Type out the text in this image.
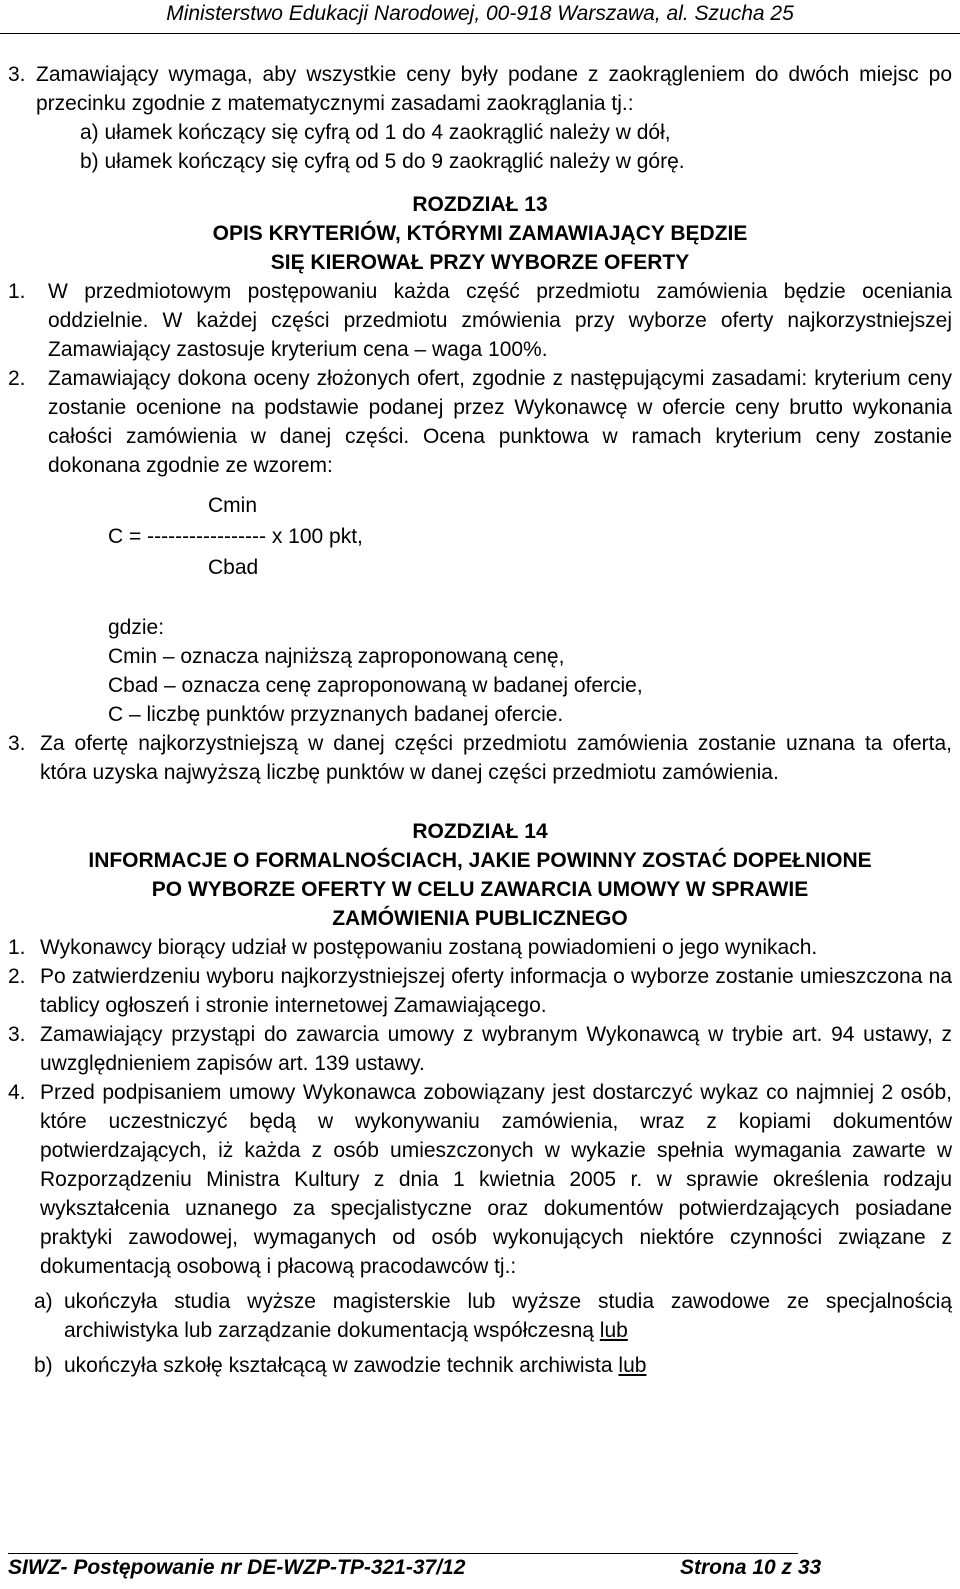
Ministerstwo Edukacji Narodowej, 00-918 Warszawa, al. Szucha 25
3. Zamawiający wymaga, aby wszystkie ceny były podane z zaokrągleniem do dwóch miejsc po przecinku zgodnie z matematycznymi zasadami zaokrąglania tj.:
a) ułamek kończący się cyfrą od 1 do 4 zaokrąglić należy w dół,
b) ułamek kończący się cyfrą od 5 do 9 zaokrąglić należy w górę.
ROZDZIAŁ 13
OPIS KRYTERIÓW, KTÓRYMI ZAMAWIAJĄCY BĘDZIE
SIĘ KIEROWAŁ PRZY WYBORZE OFERTY
1.	W przedmiotowym postępowaniu każda część przedmiotu zamówienia będzie oceniania oddzielnie. W każdej części przedmiotu zmówienia przy wyborze oferty najkorzystniejszej Zamawiający zastosuje kryterium cena – waga 100%.
2.	Zamawiający dokona oceny złożonych ofert, zgodnie z następującymi zasadami: kryterium ceny zostanie ocenione na podstawie podanej przez Wykonawcę w ofercie ceny brutto wykonania całości zamówienia w danej części. Ocena punktowa w ramach kryterium ceny zostanie dokonana zgodnie ze wzorem:
Cmin
C = ----------------- x 100 pkt,
Cbad
gdzie:
Cmin – oznacza najniższą zaproponowaną cenę,
Cbad – oznacza cenę zaproponowaną w badanej ofercie,
C – liczbę punktów przyznanych badanej ofercie.
3. Za ofertę najkorzystniejszą w danej części przedmiotu zamówienia zostanie uznana ta oferta, która uzyska najwyższą liczbę punktów w danej części przedmiotu zamówienia.
ROZDZIAŁ 14
INFORMACJE O FORMALNOŚCIACH, JAKIE POWINNY ZOSTAĆ DOPEŁNIONE
PO WYBORZE OFERTY W CELU ZAWARCIA UMOWY W SPRAWIE
ZAMÓWIENIA PUBLICZNEGO
1. Wykonawcy biorący udział w postępowaniu zostaną powiadomieni o jego wynikach.
2. Po zatwierdzeniu wyboru najkorzystniejszej oferty informacja o wyborze zostanie umieszczona na tablicy ogłoszeń i stronie internetowej Zamawiającego.
3. Zamawiający przystąpi do zawarcia umowy z wybranym Wykonawcą w trybie art. 94 ustawy, z uwzględnieniem zapisów art. 139 ustawy.
4. Przed podpisaniem umowy Wykonawca zobowiązany jest dostarczyć wykaz co najmniej 2 osób, które uczestniczyć będą w wykonywaniu zamówienia, wraz z kopiami dokumentów potwierdzających, iż każda z osób umieszczonych w wykazie spełnia wymagania zawarte w Rozporządzeniu Ministra Kultury z dnia 1 kwietnia 2005 r. w sprawie określenia rodzaju wykształcenia uznanego za specjalistyczne oraz dokumentów potwierdzających posiadane praktyki zawodowej, wymaganych od osób wykonujących niektóre czynności związane z dokumentacją osobową i płacową pracodawców tj.:
a) ukończyła studia wyższe magisterskie lub wyższe studia zawodowe ze specjalnością archiwistyka lub zarządzanie dokumentacją współczesną lub
b) ukończyła szkołę kształcącą w zawodzie technik archiwista lub
SIWZ- Postępowanie nr DE-WZP-TP-321-37/12	Strona 10 z 33
